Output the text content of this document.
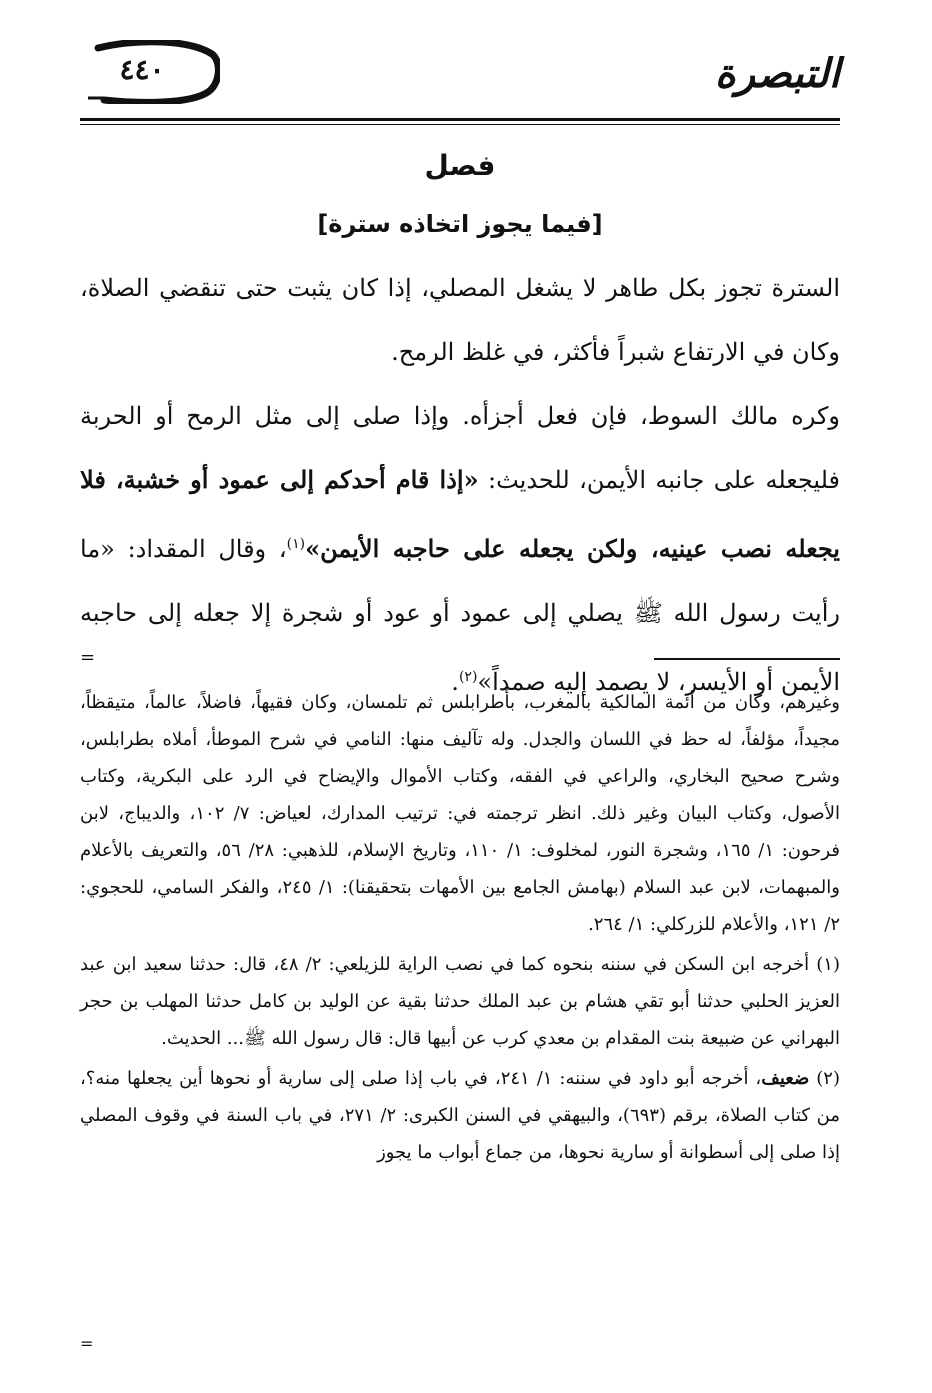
٤٤٠	التبصرة
فصل
[فيما يجوز اتخاذه سترة]

السترة تجوز بكل طاهر لا يشغل المصلي، إذا كان يثبت حتى تنقضي الصلاة، وكان في الارتفاع شبراً فأكثر، في غلظ الرمح.

وكره مالك السوط، فإن فعل أجزأه. وإذا صلى إلى مثل الرمح أو الحربة فليجعله على جانبه الأيمن، للحديث: «إذا قام أحدكم إلى عمود أو خشبة، فلا يجعله نصب عينيه، ولكن يجعله على حاجبه الأيمن»$^{(١)}$، وقال المقداد: «ما رأيت رسول الله ﷺ يصلي إلى عمود أو عود أو شجرة إلا جعله إلى حاجبه الأيمن أو الأيسر، لا يصمد إليه صمداً»$^{(٢)}$.

=

وغيرهم، وكان من أئمة المالكية بالمغرب، بأطرابلس ثم تلمسان، وكان فقيهاً، فاضلاً، عالماً، متيقظاً، مجيداً، مؤلفاً، له حظ في اللسان والجدل. وله تآليف منها: النامي في شرح الموطأ، أملاه بطرابلس، وشرح صحيح البخاري، والراعي في الفقه، وكتاب الأموال والإيضاح في الرد على البكرية، وكتاب الأصول، وكتاب البيان وغير ذلك. انظر ترجمته في: ترتيب المدارك، لعياض: ٧/ ١٠٢، والديباج، لابن فرحون: ١/ ١٦٥، وشجرة النور، لمخلوف: ١/ ١١٠، وتاريخ الإسلام، للذهبي: ٢٨/ ٥٦، والتعريف بالأعلام والمبهمات، لابن عبد السلام (بهامش الجامع بين الأمهات بتحقيقنا): ١/ ٢٤٥، والفكر السامي، للحجوي: ٢/ ١٢١، والأعلام للزركلي: ١/ ٢٦٤.

(١) أخرجه ابن السكن في سننه بنحوه كما في نصب الراية للزيلعي: ٢/ ٤٨، قال: حدثنا سعيد ابن عبد العزيز الحلبي حدثنا أبو تقي هشام بن عبد الملك حدثنا بقية عن الوليد بن كامل حدثنا المهلب بن حجر البهراني عن ضبيعة بنت المقدام بن معدي كرب عن أبيها قال: قال رسول الله ﷺ... الحديث.

(٢) ضعيف، أخرجه أبو داود في سننه: ١/ ٢٤١، في باب إذا صلى إلى سارية أو نحوها أين يجعلها منه؟، من كتاب الصلاة، برقم (٦٩٣)، والبيهقي في السنن الكبرى: ٢/ ٢٧١، في باب السنة في وقوف المصلي إذا صلى إلى أسطوانة أو سارية نحوها، من جماع أبواب ما يجوز

=
